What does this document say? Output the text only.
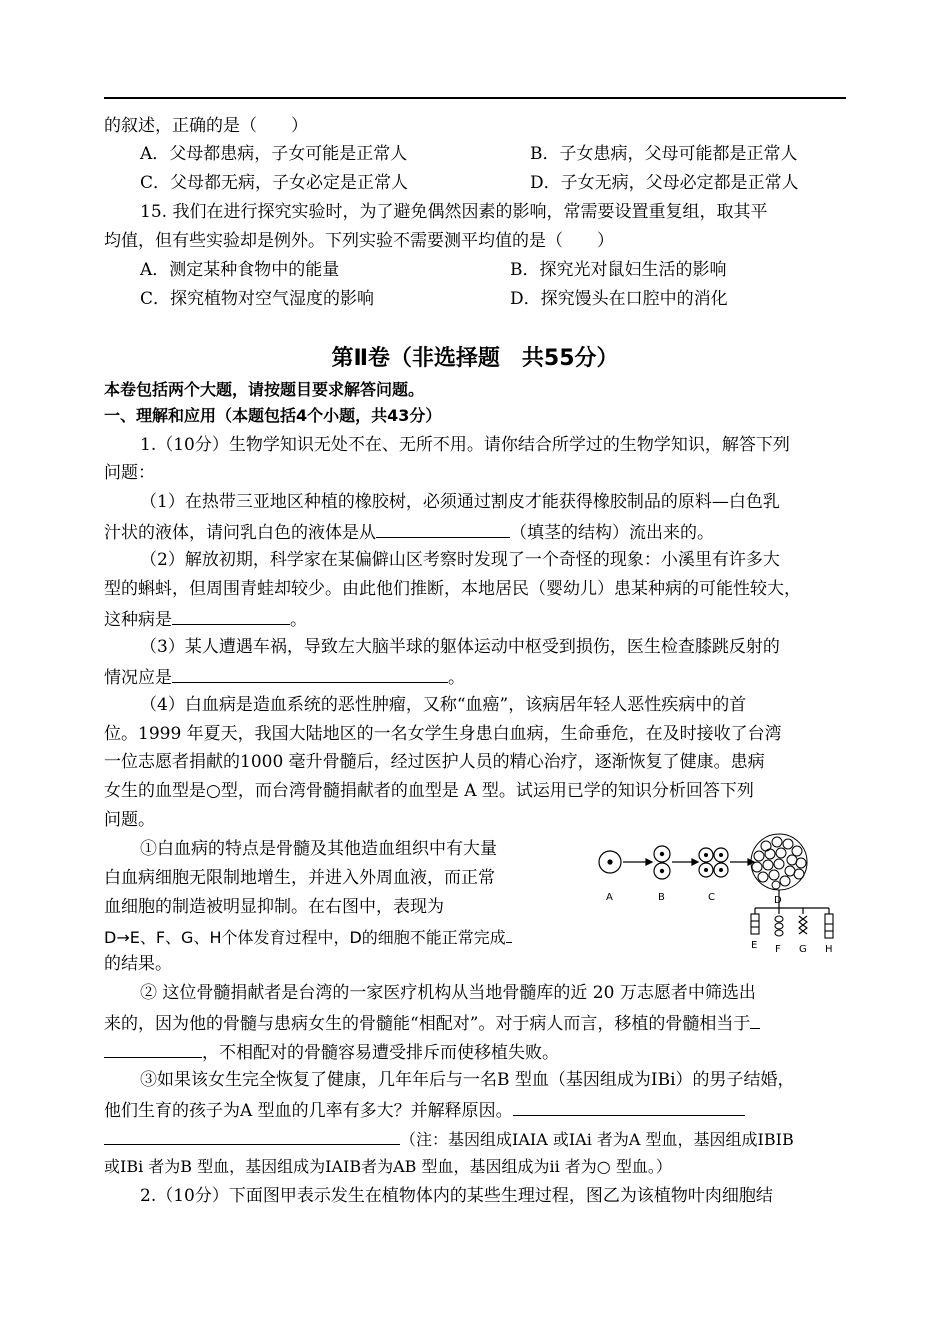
的叙述，正确的是（　　）
A．父母都患病，子女可能是正常人	B．子女患病，父母可能都是正常人
C．父母都无病，子女必定是正常人	D．子女无病，父母必定都是正常人
15. 我们在进行探究实验时，为了避免偶然因素的影响，常需要设置重复组，取其平
均值，但有些实验却是例外。下列实验不需要测平均值的是（　　）
A．测定某种食物中的能量	B．探究光对鼠妇生活的影响
C．探究植物对空气湿度的影响	D．探究馒头在口腔中的消化
第Ⅱ卷（非选择题　共55分）
本卷包括两个大题，请按题目要求解答问题。
一、理解和应用（本题包括4个小题，共43分）
1.（10分）生物学知识无处不在、无所不用。请你结合所学过的生物学知识，解答下列
问题：
（1）在热带三亚地区种植的橡胶树，必须通过割皮才能获得橡胶制品的原料—白色乳
汁状的液体，请问乳白色的液体是从	（填茎的结构）流出来的。
（2）解放初期，科学家在某偏僻山区考察时发现了一个奇怪的现象：小溪里有许多大
型的蝌蚪，但周围青蛙却较少。由此他们推断，本地居民（婴幼儿）患某种病的可能性较大，
这种病是	。
（3）某人遭遇车祸，导致左大脑半球的躯体运动中枢受到损伤，医生检查膝跳反射的
情况应是	。
（4）白血病是造血系统的恶性肿瘤，又称“血癌”，该病居年轻人恶性疾病中的首
位。1999 年夏天，我国大陆地区的一名女学生身患白血病，生命垂危，在及时接收了台湾
一位志愿者捐献的1000 毫升骨髓后，经过医护人员的精心治疗，逐渐恢复了健康。患病
女生的血型是○型，而台湾骨髓捐献者的血型是 A 型。试运用已学的知识分析回答下列
问题。
①白血病的特点是骨髓及其他造血组织中有大量
白血病细胞无限制地增生，并进入外周血液，而正常
血细胞的制造被明显抑制。在右图中，表现为
D→E、F、G、H个体发育过程中，D的细胞不能正常完成
的结果。
A	B	C	D
E F G H
② 这位骨髓捐献者是台湾的一家医疗机构从当地骨髓库的近 20 万志愿者中筛选出
来的，因为他的骨髓与患病女生的骨髓能“相配对”。对于病人而言，移植的骨髓相当于
，不相配对的骨髓容易遭受排斥而使移植失败。
③如果该女生完全恢复了健康，几年年后与一名B 型血（基因组成为IBi）的男子结婚，
他们生育的孩子为A 型血的几率有多大？并解释原因。
（注：基因组成IAIA 或IAi 者为A 型血，基因组成IBIB
或IBi 者为B 型血，基因组成为IAIB者为AB 型血，基因组成为ii 者为○ 型血。）
2.（10分）下面图甲表示发生在植物体内的某些生理过程，图乙为该植物叶肉细胞结
